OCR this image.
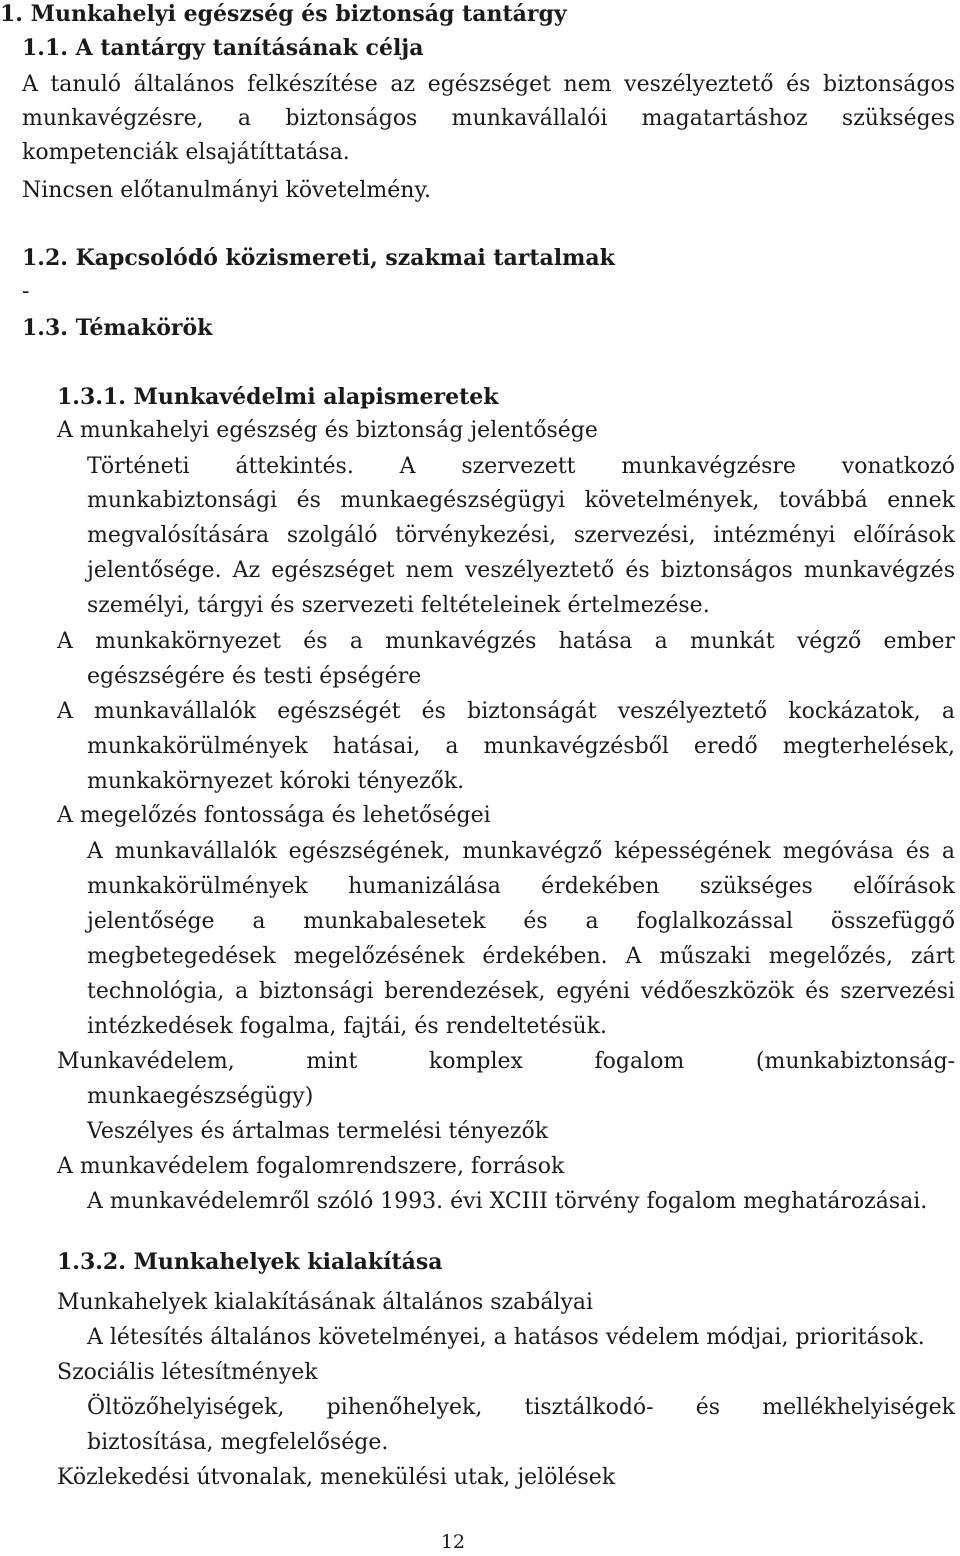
1. Munkahelyi egészség és biztonság tantárgy

1.1. A tantárgy tanításának célja

A tanuló általános felkészítése az egészséget nem veszélyeztető és biztonságos

munkavégzésre, a biztonságos munkavállalói magatartáshoz szükséges

kompetenciák elsajátíttatása.

Nincsen előtanulmányi követelmény.

1.2. Kapcsolódó közismereti, szakmai tartalmak

-

1.3. Témakörök

1.3.1. Munkavédelmi alapismeretek

A munkahelyi egészség és biztonság jelentősége

Történeti áttekintés. A szervezett munkavégzésre vonatkozó

munkabiztonsági és munkaegészségügyi követelmények, továbbá ennek

megvalósítására szolgáló törvénykezési, szervezési, intézményi előírások

jelentősége. Az egészséget nem veszélyeztető és biztonságos munkavégzés

személyi, tárgyi és szervezeti feltételeinek értelmezése.

A munkakörnyezet és a munkavégzés hatása a munkát végző ember

egészségére és testi épségére

A munkavállalók egészségét és biztonságát veszélyeztető kockázatok, a

munkakörülmények hatásai, a munkavégzésből eredő megterhelések,

munkakörnyezet kóroki tényezők.

A megelőzés fontossága és lehetőségei

A munkavállalók egészségének, munkavégző képességének megóvása és a

munkakörülmények humanizálása érdekében szükséges előírások

jelentősége a munkabalesetek és a foglalkozással összefüggő

megbetegedések megelőzésének érdekében. A műszaki megelőzés, zárt

technológia, a biztonsági berendezések, egyéni védőeszközök és szervezési

intézkedések fogalma, fajtái, és rendeltetésük.

Munkavédelem, mint komplex fogalom (munkabiztonság-

munkaegészségügy)

Veszélyes és ártalmas termelési tényezők

A munkavédelem fogalomrendszere, források

A munkavédelemről szóló 1993. évi XCIII törvény fogalom meghatározásai.

1.3.2. Munkahelyek kialakítása

Munkahelyek kialakításának általános szabályai

A létesítés általános követelményei, a hatásos védelem módjai, prioritások.

Szociális létesítmények

Öltözőhelyiségek, pihenőhelyek, tisztálkodó- és mellékhelyiségek

biztosítása, megfelelősége.

Közlekedési útvonalak, menekülési utak, jelölések

12
